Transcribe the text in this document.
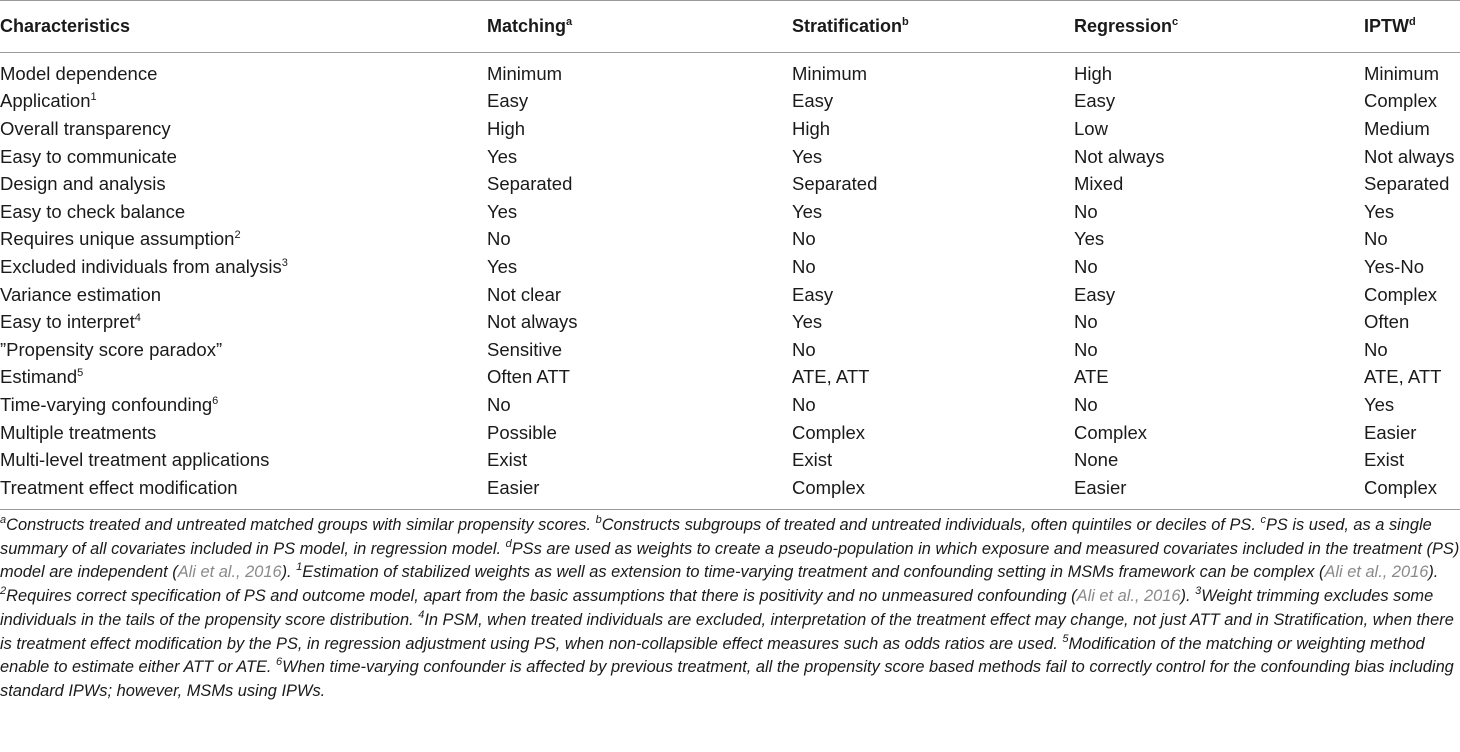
Characteristics	Matching$^a$	Stratification$^b$	Regression$^c$	IPTW$^d$
Model dependence	Minimum	Minimum	High	Minimum
Application$^1$	Easy	Easy	Easy	Complex
Overall transparency	High	High	Low	Medium
Easy to communicate	Yes	Yes	Not always	Not always
Design and analysis	Separated	Separated	Mixed	Separated
Easy to check balance	Yes	Yes	No	Yes
Requires unique assumption$^2$	No	No	Yes	No
Excluded individuals from analysis$^3$	Yes	No	No	Yes-No
Variance estimation	Not clear	Easy	Easy	Complex
Easy to interpret$^4$	Not always	Yes	No	Often
”Propensity score paradox”	Sensitive	No	No	No
Estimand$^5$	Often ATT	ATE, ATT	ATE	ATE, ATT
Time-varying confounding$^6$	No	No	No	Yes
Multiple treatments	Possible	Complex	Complex	Easier
Multi-level treatment applications	Exist	Exist	None	Exist
Treatment effect modification	Easier	Complex	Easier	Complex
$^a$Constructs treated and untreated matched groups with similar propensity scores. $^b$Constructs subgroups of treated and untreated individuals, often quintiles or deciles of PS. $^c$PS is used, as a single summary of all covariates included in PS model, in regression model. $^d$PSs are used as weights to create a pseudo-population in which exposure and measured covariates included in the treatment (PS) model are independent (Ali et al., 2016). $^1$Estimation of stabilized weights as well as extension to time-varying treatment and confounding setting in MSMs framework can be complex (Ali et al., 2016). $^2$Requires correct specification of PS and outcome model, apart from the basic assumptions that there is positivity and no unmeasured confounding (Ali et al., 2016). $^3$Weight trimming excludes some individuals in the tails of the propensity score distribution. $^4$In PSM, when treated individuals are excluded, interpretation of the treatment effect may change, not just ATT and in Stratification, when there is treatment effect modification by the PS, in regression adjustment using PS, when non-collapsible effect measures such as odds ratios are used. $^5$Modification of the matching or weighting method enable to estimate either ATT or ATE. $^6$When time-varying confounder is affected by previous treatment, all the propensity score based methods fail to correctly control for the confounding bias including standard IPWs; however, MSMs using IPWs.
